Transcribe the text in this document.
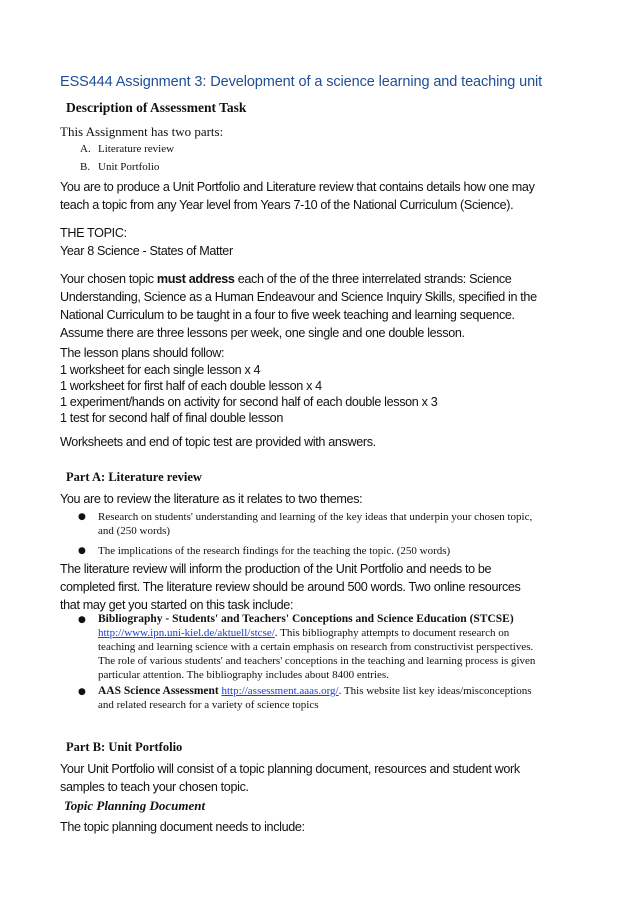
ESS444 Assignment 3: Development of a science learning and teaching unit
Description of Assessment Task
This Assignment has two parts:
A. Literature review
B. Unit Portfolio
You are to produce a Unit Portfolio and Literature review that contains details how one may
teach a topic from any Year level from Years 7-10 of the National Curriculum (Science).
THE TOPIC:
Year 8 Science - States of Matter
Your chosen topic must address each of the of the three interrelated strands: Science
Understanding, Science as a Human Endeavour and Science Inquiry Skills, specified in the
National Curriculum to be taught in a four to five week teaching and learning sequence.
Assume there are three lessons per week, one single and one double lesson.
The lesson plans should follow:
1 worksheet for each single lesson x 4
1 worksheet for first half of each double lesson x 4
1 experiment/hands on activity for second half of each double lesson x 3
1 test for second half of final double lesson
Worksheets and end of topic test are provided with answers.
Part A: Literature review
You are to review the literature as it relates to two themes:
● Research on students' understanding and learning of the key ideas that underpin your chosen topic,
and (250 words)
● The implications of the research findings for the teaching the topic. (250 words)
The literature review will inform the production of the Unit Portfolio and needs to be
completed first. The literature review should be around 500 words. Two online resources
that may get you started on this task include:
● Bibliography - Students' and Teachers' Conceptions and Science Education (STCSE)
http://www.ipn.uni-kiel.de/aktuell/stcse/. This bibliography attempts to document research on
teaching and learning science with a certain emphasis on research from constructivist perspectives.
The role of various students' and teachers' conceptions in the teaching and learning process is given
particular attention. The bibliography includes about 8400 entries.
● AAS Science Assessment http://assessment.aaas.org/. This website list key ideas/misconceptions
and related research for a variety of science topics
Part B: Unit Portfolio
Your Unit Portfolio will consist of a topic planning document, resources and student work
samples to teach your chosen topic.
Topic Planning Document
The topic planning document needs to include:
